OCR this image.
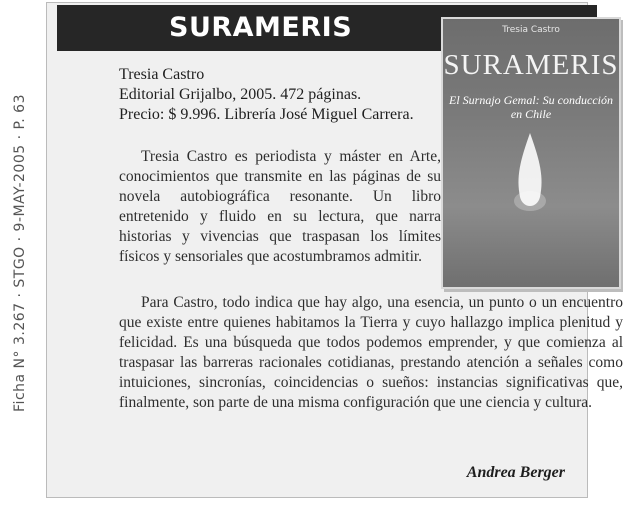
Ficha N° 3.267 · STGO · 9-MAY-2005 · P. 63
SURAMERIS
Tresia Castro
Editorial Grijalbo, 2005. 472 páginas.
Precio: $ 9.996. Librería José Miguel Carrera.
Tresia Castro
SURAMERIS
El Surnajo Gemal: Su conducción en Chile

Tresia Castro es periodista y máster en Arte, conocimientos que transmite en las páginas de su novela autobiográfica resonante. Un libro entretenido y fluido en su lectura, que narra historias y vivencias que traspasan los límites físicos y sensoriales que acostumbramos admitir.

Para Castro, todo indica que hay algo, una esencia, un punto o un encuentro que existe entre quienes habitamos la Tierra y cuyo hallazgo implica plenitud y felicidad. Es una búsqueda que todos podemos emprender, y que comienza al traspasar las barreras racionales cotidianas, prestando atención a señales como intuiciones, sincronías, coincidencias o sueños: instancias significativas que, finalmente, son parte de una misma configuración que une ciencia y cultura.

Andrea Berger
